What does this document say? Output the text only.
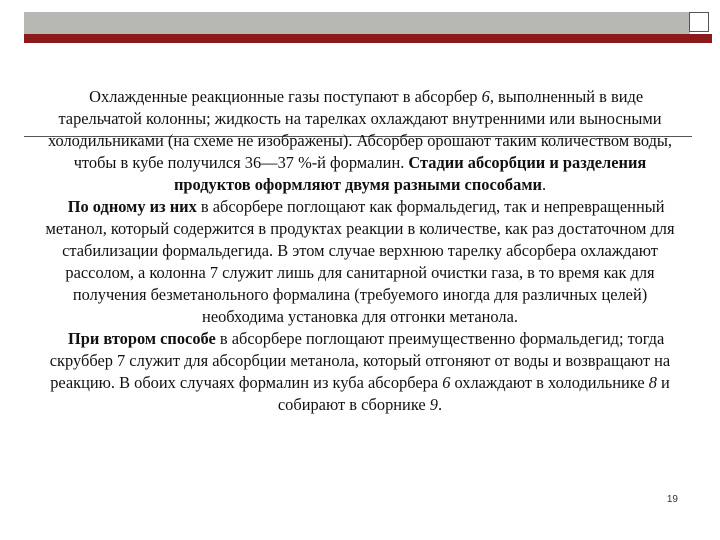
Охлажденные реакционные газы поступают в абсорбер 6, выполненный в виде тарельчатой колонны; жидкость на тарелках охлаждают внутренними или выносными холодильниками (на схеме не изображены). Абсорбер орошают таким количеством воды, чтобы в кубе получился 36—37 %-й формалин. Стадии абсорбции и разделения продуктов оформляют двумя разными способами.

По одному из них в абсорбере поглощают как формальдегид, так и непревращенный метанол, который содержится в продуктах реакции в количестве, как раз достаточном для стабилизации формальдегида. В этом случае верхнюю тарелку абсорбера охлаждают рассолом, а колонна 7 служит лишь для санитарной очистки газа, в то время как для получения безметанольного формалина (требуемого иногда для различных целей) необходима установка для отгонки метанола.

При втором способе в абсорбере поглощают преимущественно формальдегид; тогда скруббер 7 служит для абсорбции метанола, который отгоняют от воды и возвращают на реакцию. В обоих случаях формалин из куба абсорбера 6 охлаждают в холодильнике 8 и собирают в сборнике 9.

19
